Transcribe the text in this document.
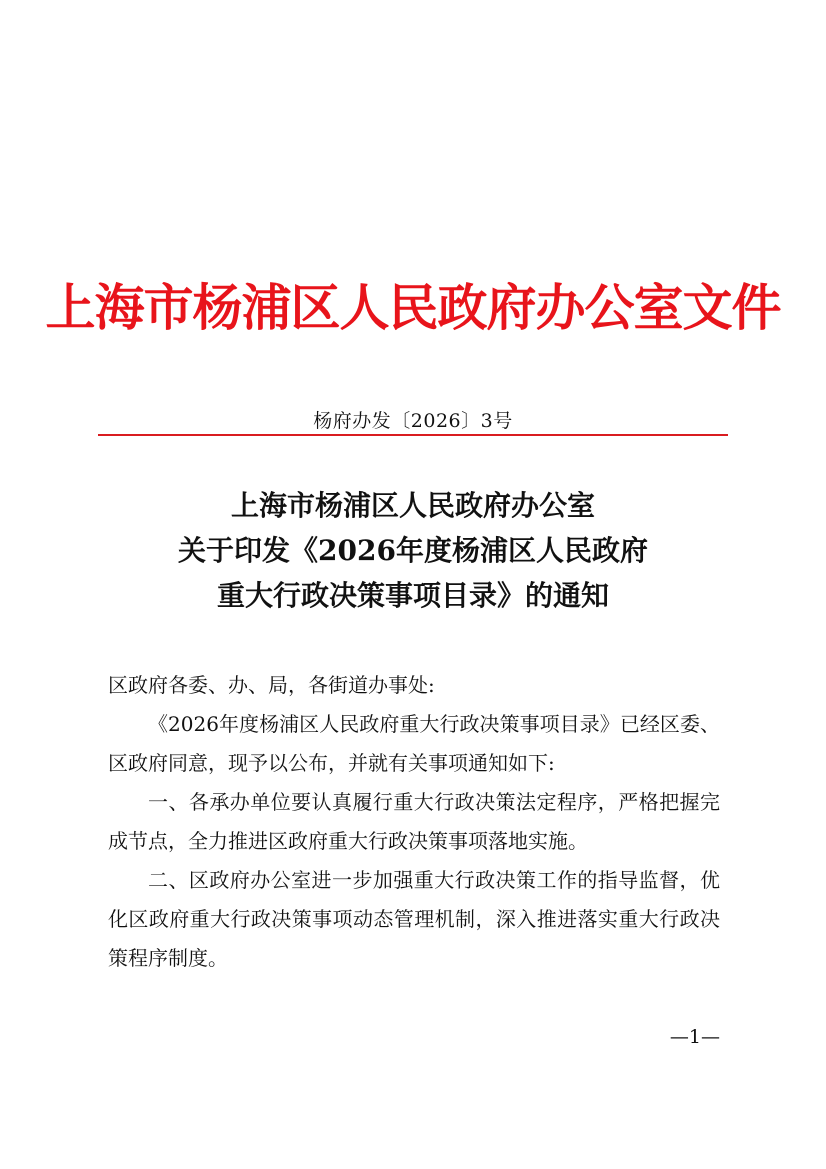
上海市杨浦区人民政府办公室文件
杨府办发〔2026〕3号
上海市杨浦区人民政府办公室
关于印发《2026年度杨浦区人民政府
重大行政决策事项目录》的通知

区政府各委、办、局，各街道办事处:

《2026年度杨浦区人民政府重大行政决策事项目录》已经区委、区政府同意，现予以公布，并就有关事项通知如下:

一、各承办单位要认真履行重大行政决策法定程序，严格把握完成节点，全力推进区政府重大行政决策事项落地实施。

二、区政府办公室进一步加强重大行政决策工作的指导监督，优化区政府重大行政决策事项动态管理机制，深入推进落实重大行政决策程序制度。

—1—
